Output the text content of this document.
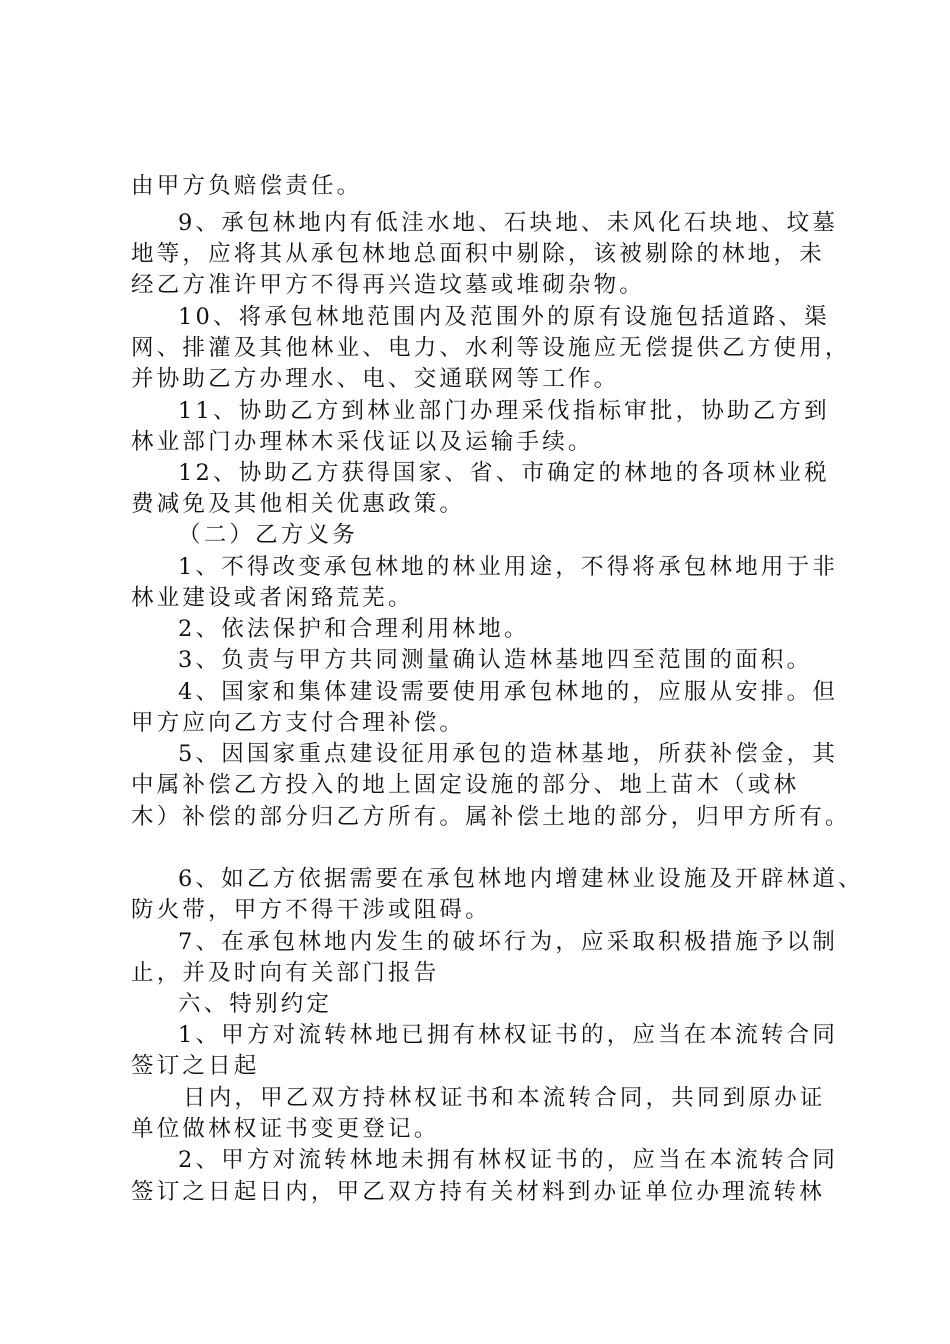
由甲方负赔偿责任。
9、承包林地内有低洼水地、石块地、未风化石块地、坟墓
地等，应将其从承包林地总面积中剔除，该被剔除的林地，未
经乙方准许甲方不得再兴造坟墓或堆砌杂物。
10、将承包林地范围内及范围外的原有设施包括道路、渠
网、排灌及其他林业、电力、水利等设施应无偿提供乙方使用，
并协助乙方办理水、电、交通联网等工作。
11、协助乙方到林业部门办理采伐指标审批，协助乙方到
林业部门办理林木采伐证以及运输手续。
12、协助乙方获得国家、省、市确定的林地的各项林业税
费减免及其他相关优惠政策。
（二）乙方义务
1、不得改变承包林地的林业用途，不得将承包林地用于非
林业建设或者闲臵荒芜。
2、依法保护和合理利用林地。
3、负责与甲方共同测量确认造林基地四至范围的面积。
4、国家和集体建设需要使用承包林地的，应服从安排。但
甲方应向乙方支付合理补偿。
5、因国家重点建设征用承包的造林基地，所获补偿金，其
中属补偿乙方投入的地上固定设施的部分、地上苗木（或林
木）补偿的部分归乙方所有。属补偿土地的部分，归甲方所有。
6、如乙方依据需要在承包林地内增建林业设施及开辟林道、
防火带，甲方不得干涉或阻碍。
7、在承包林地内发生的破坏行为，应采取积极措施予以制
止，并及时向有关部门报告
六、特别约定
1、甲方对流转林地已拥有林权证书的，应当在本流转合同
签订之日起
日内，甲乙双方持林权证书和本流转合同，共同到原办证
单位做林权证书变更登记。
2、甲方对流转林地未拥有林权证书的，应当在本流转合同
签订之日起日内，甲乙双方持有关材料到办证单位办理流转林
